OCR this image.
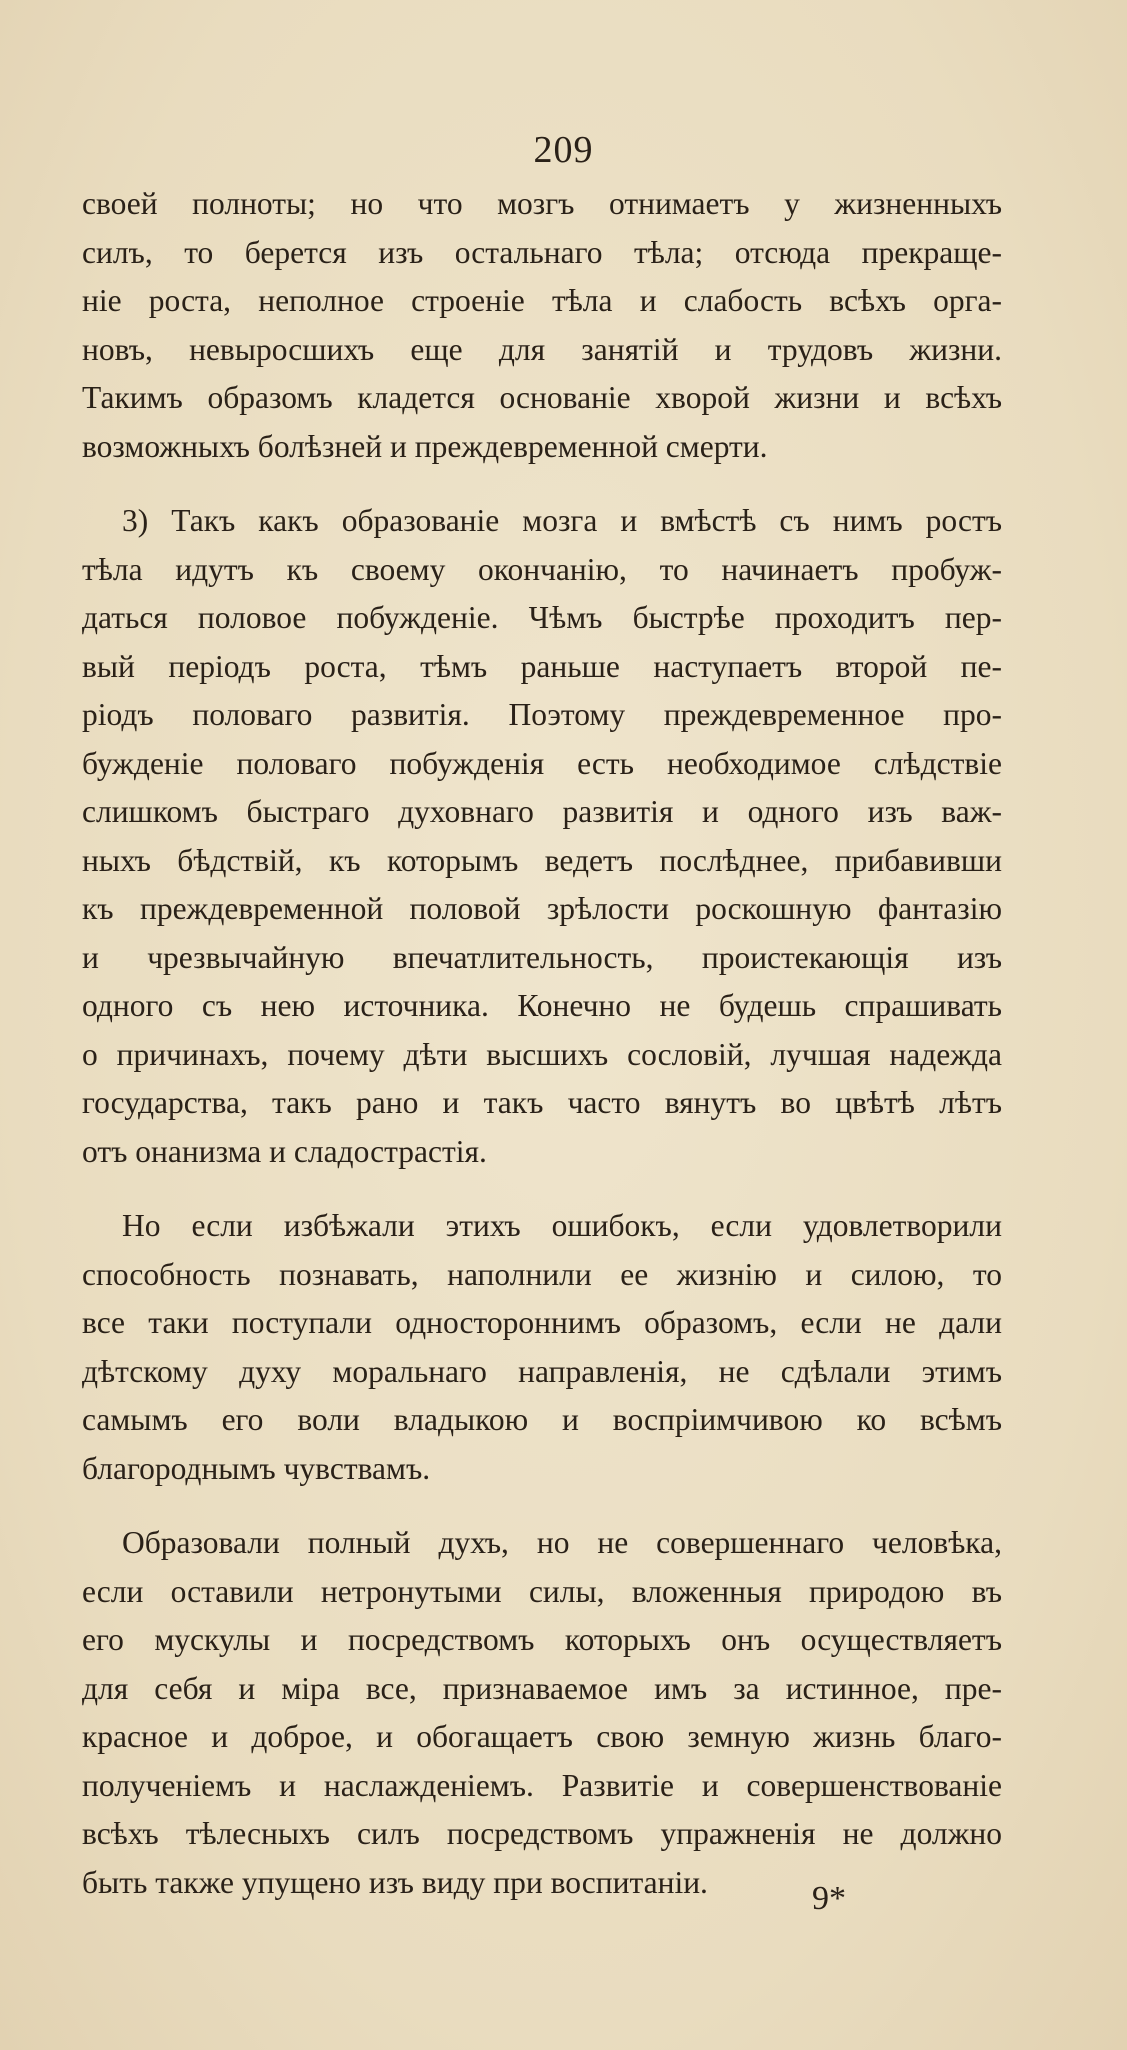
209

своей полноты; но что мозгъ отнимаетъ у жизненныхъ
силъ, то берется изъ остальнаго тѣла; отсюда прекраще-
ніе роста, неполное строеніе тѣла и слабость всѣхъ орга-
новъ, невыросшихъ еще для занятій и трудовъ жизни.
Такимъ образомъ кладется основаніе хворой жизни и всѣхъ
возможныхъ болѣзней и преждевременной смерти.

3) Такъ какъ образованіе мозга и вмѣстѣ съ нимъ ростъ
тѣла идутъ къ своему окончанію, то начинаетъ пробуж-
даться половое побужденіе. Чѣмъ быстрѣе проходитъ пер-
вый періодъ роста, тѣмъ раньше наступаетъ второй пе-
ріодъ половаго развитія. Поэтому преждевременное про-
бужденіе половаго побужденія есть необходимое слѣдствіе
слишкомъ быстраго духовнаго развитія и одного изъ важ-
ныхъ бѣдствій, къ которымъ ведетъ послѣднее, прибавивши
къ преждевременной половой зрѣлости роскошную фантазію
и чрезвычайную впечатлительность, проистекающія изъ
одного съ нею источника. Конечно не будешь спрашивать
о причинахъ, почему дѣти высшихъ сословій, лучшая надежда
государства, такъ рано и такъ часто вянутъ во цвѣтѣ лѣтъ
отъ онанизма и сладострастія.

Но если избѣжали этихъ ошибокъ, если удовлетворили
способность познавать, наполнили ее жизнію и силою, то
все таки поступали одностороннимъ образомъ, если не дали
дѣтскому духу моральнаго направленія, не сдѣлали этимъ
самымъ его воли владыкою и воспріимчивою ко всѣмъ
благороднымъ чувствамъ.

Образовали полный духъ, но не совершеннаго человѣка,
если оставили нетронутыми силы, вложенныя природою въ
его мускулы и посредствомъ которыхъ онъ осуществляетъ
для себя и міра все, признаваемое имъ за истинное, пре-
красное и доброе, и обогащаетъ свою земную жизнь благо-
полученіемъ и наслажденіемъ. Развитіе и совершенствованіе
всѣхъ тѣлесныхъ силъ посредствомъ упражненія не должно
быть также упущено изъ виду при воспитаніи.	9*
